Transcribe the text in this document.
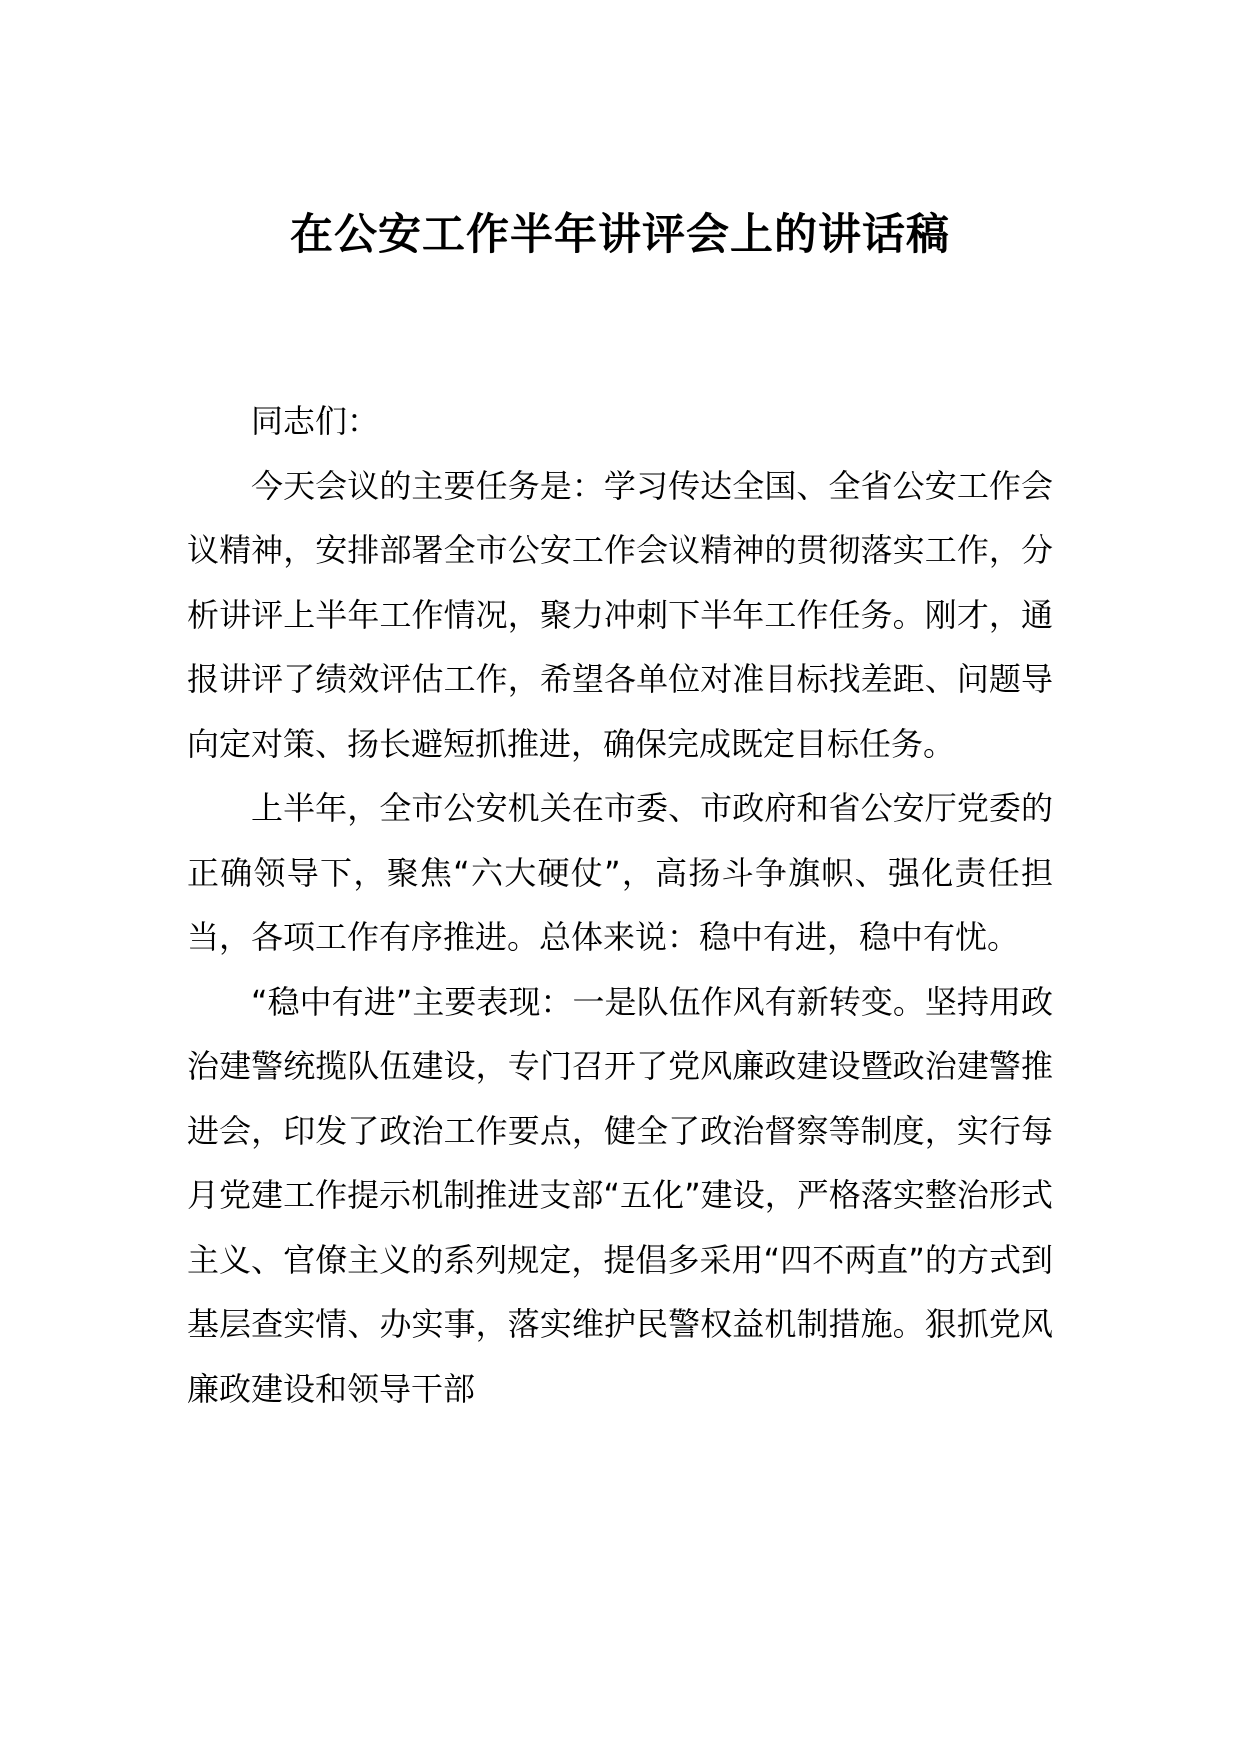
在公安工作半年讲评会上的讲话稿

同志们：

今天会议的主要任务是：学习传达全国、全省公安工作会议精神，安排部署全市公安工作会议精神的贯彻落实工作，分析讲评上半年工作情况，聚力冲刺下半年工作任务。刚才，通报讲评了绩效评估工作，希望各单位对准目标找差距、问题导向定对策、扬长避短抓推进，确保完成既定目标任务。

上半年，全市公安机关在市委、市政府和省公安厅党委的正确领导下，聚焦“六大硬仗”，高扬斗争旗帜、强化责任担当，各项工作有序推进。总体来说：稳中有进，稳中有忧。

“稳中有进”主要表现：一是队伍作风有新转变。坚持用政治建警统揽队伍建设，专门召开了党风廉政建设暨政治建警推进会，印发了政治工作要点，健全了政治督察等制度，实行每月党建工作提示机制推进支部“五化”建设，严格落实整治形式主义、官僚主义的系列规定，提倡多采用“四不两直”的方式到基层查实情、办实事，落实维护民警权益机制措施。狠抓党风廉政建设和领导干部
